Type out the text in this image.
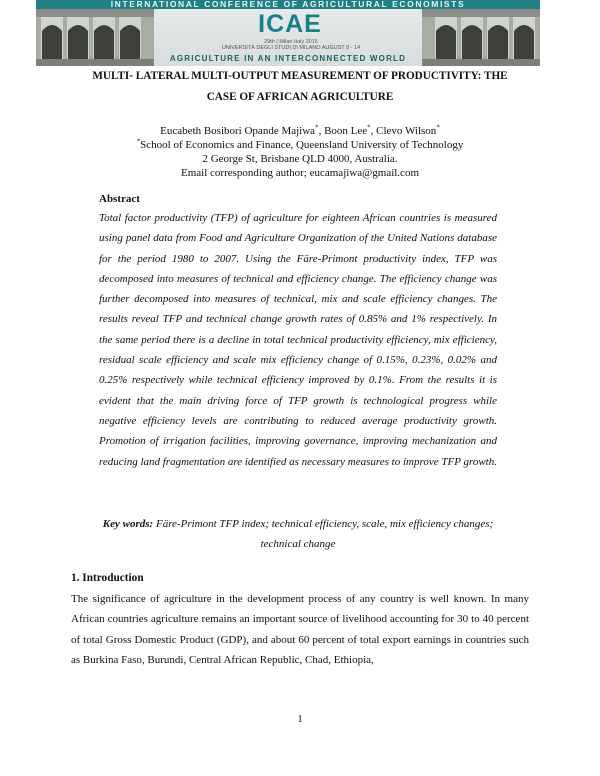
INTERNATIONAL CONFERENCE OF AGRICULTURAL ECONOMISTS
ICAE
29th | Milan Italy 2015
UNIVERSITÀ DEGLI STUDI DI MILANO AUGUST 8 - 14
AGRICULTURE IN AN INTERCONNECTED WORLD
MULTI- LATERAL MULTI-OUTPUT MEASUREMENT OF PRODUCTIVITY: THE
CASE OF AFRICAN AGRICULTURE
Eucabeth Bosibori Opande Majiwa*, Boon Lee*, Clevo Wilson*
*School of Economics and Finance, Queensland University of Technology
2 George St, Brisbane QLD 4000, Australia.
Email corresponding author; eucamajiwa@gmail.com
Abstract
Total factor productivity (TFP) of agriculture for eighteen African countries is measured using panel data from Food and Agriculture Organization of the United Nations database for the period 1980 to 2007. Using the Färe-Primont productivity index, TFP was decomposed into measures of technical and efficiency change. The efficiency change was further decomposed into measures of technical, mix and scale efficiency changes. The results reveal TFP and technical change growth rates of 0.85% and 1% respectively. In the same period there is a decline in total technical productivity efficiency, mix efficiency, residual scale efficiency and scale mix efficiency change of 0.15%, 0.23%, 0.02% and 0.25% respectively while technical efficiency improved by 0.1%. From the results it is evident that the main driving force of TFP growth is technological progress while negative efficiency levels are contributing to reduced average productivity growth. Promotion of irrigation facilities, improving governance, improving mechanization and reducing land fragmentation are identified as necessary measures to improve TFP growth.
Key words: Färe-Primont TFP index; technical efficiency, scale, mix efficiency changes; technical change
1. Introduction
The significance of agriculture in the development process of any country is well known. In many African countries agriculture remains an important source of livelihood accounting for 30 to 40 percent of total Gross Domestic Product (GDP), and about 60 percent of total export earnings in countries such as Burkina Faso, Burundi, Central African Republic, Chad, Ethiopia,
1
